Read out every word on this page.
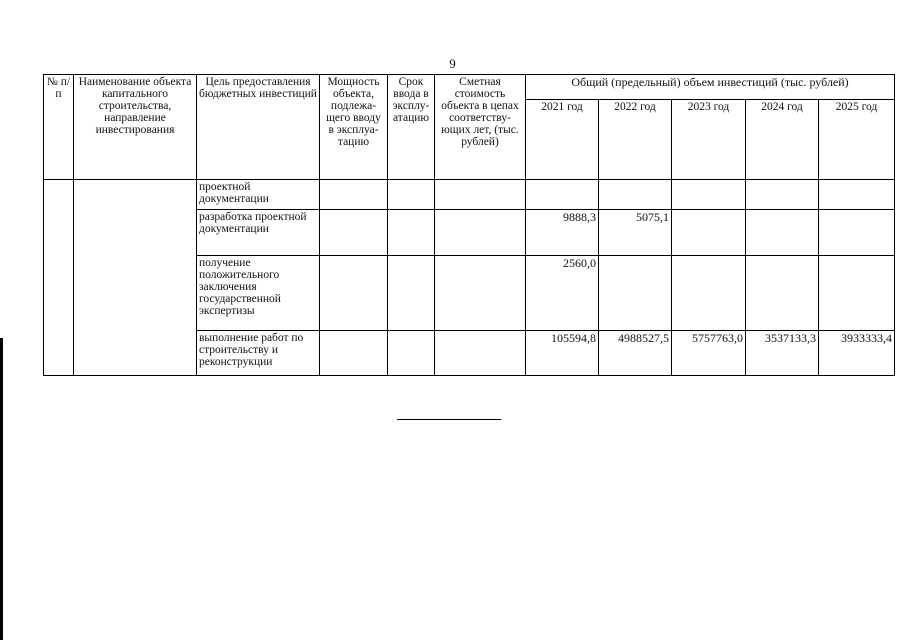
9
№ п/п	Наименование объекта капитального строительства, направление инвестирования	Цель предоставления бюджетных инвестиций	Мощность объекта, подлежа-щего вводу в эксплуа-тацию	Срок ввода в эксплу-атацию	Сметная стоимость объекта в цепах соответству-ющих лет, (тыс. рублей)	Общий (предельный) объем инвестиций (тыс. рублей)				
						2021 год	2022 год	2023 год	2024 год	2025 год
		проектной документации								
		разработка проектной документации				9888,3	5075,1			
		получение положительного заключения государственной экспертизы				2560,0				
		выполнение работ по строительству и реконструкции				105594,8	4988527,5	5757763,0	3537133,3	3933333,4
